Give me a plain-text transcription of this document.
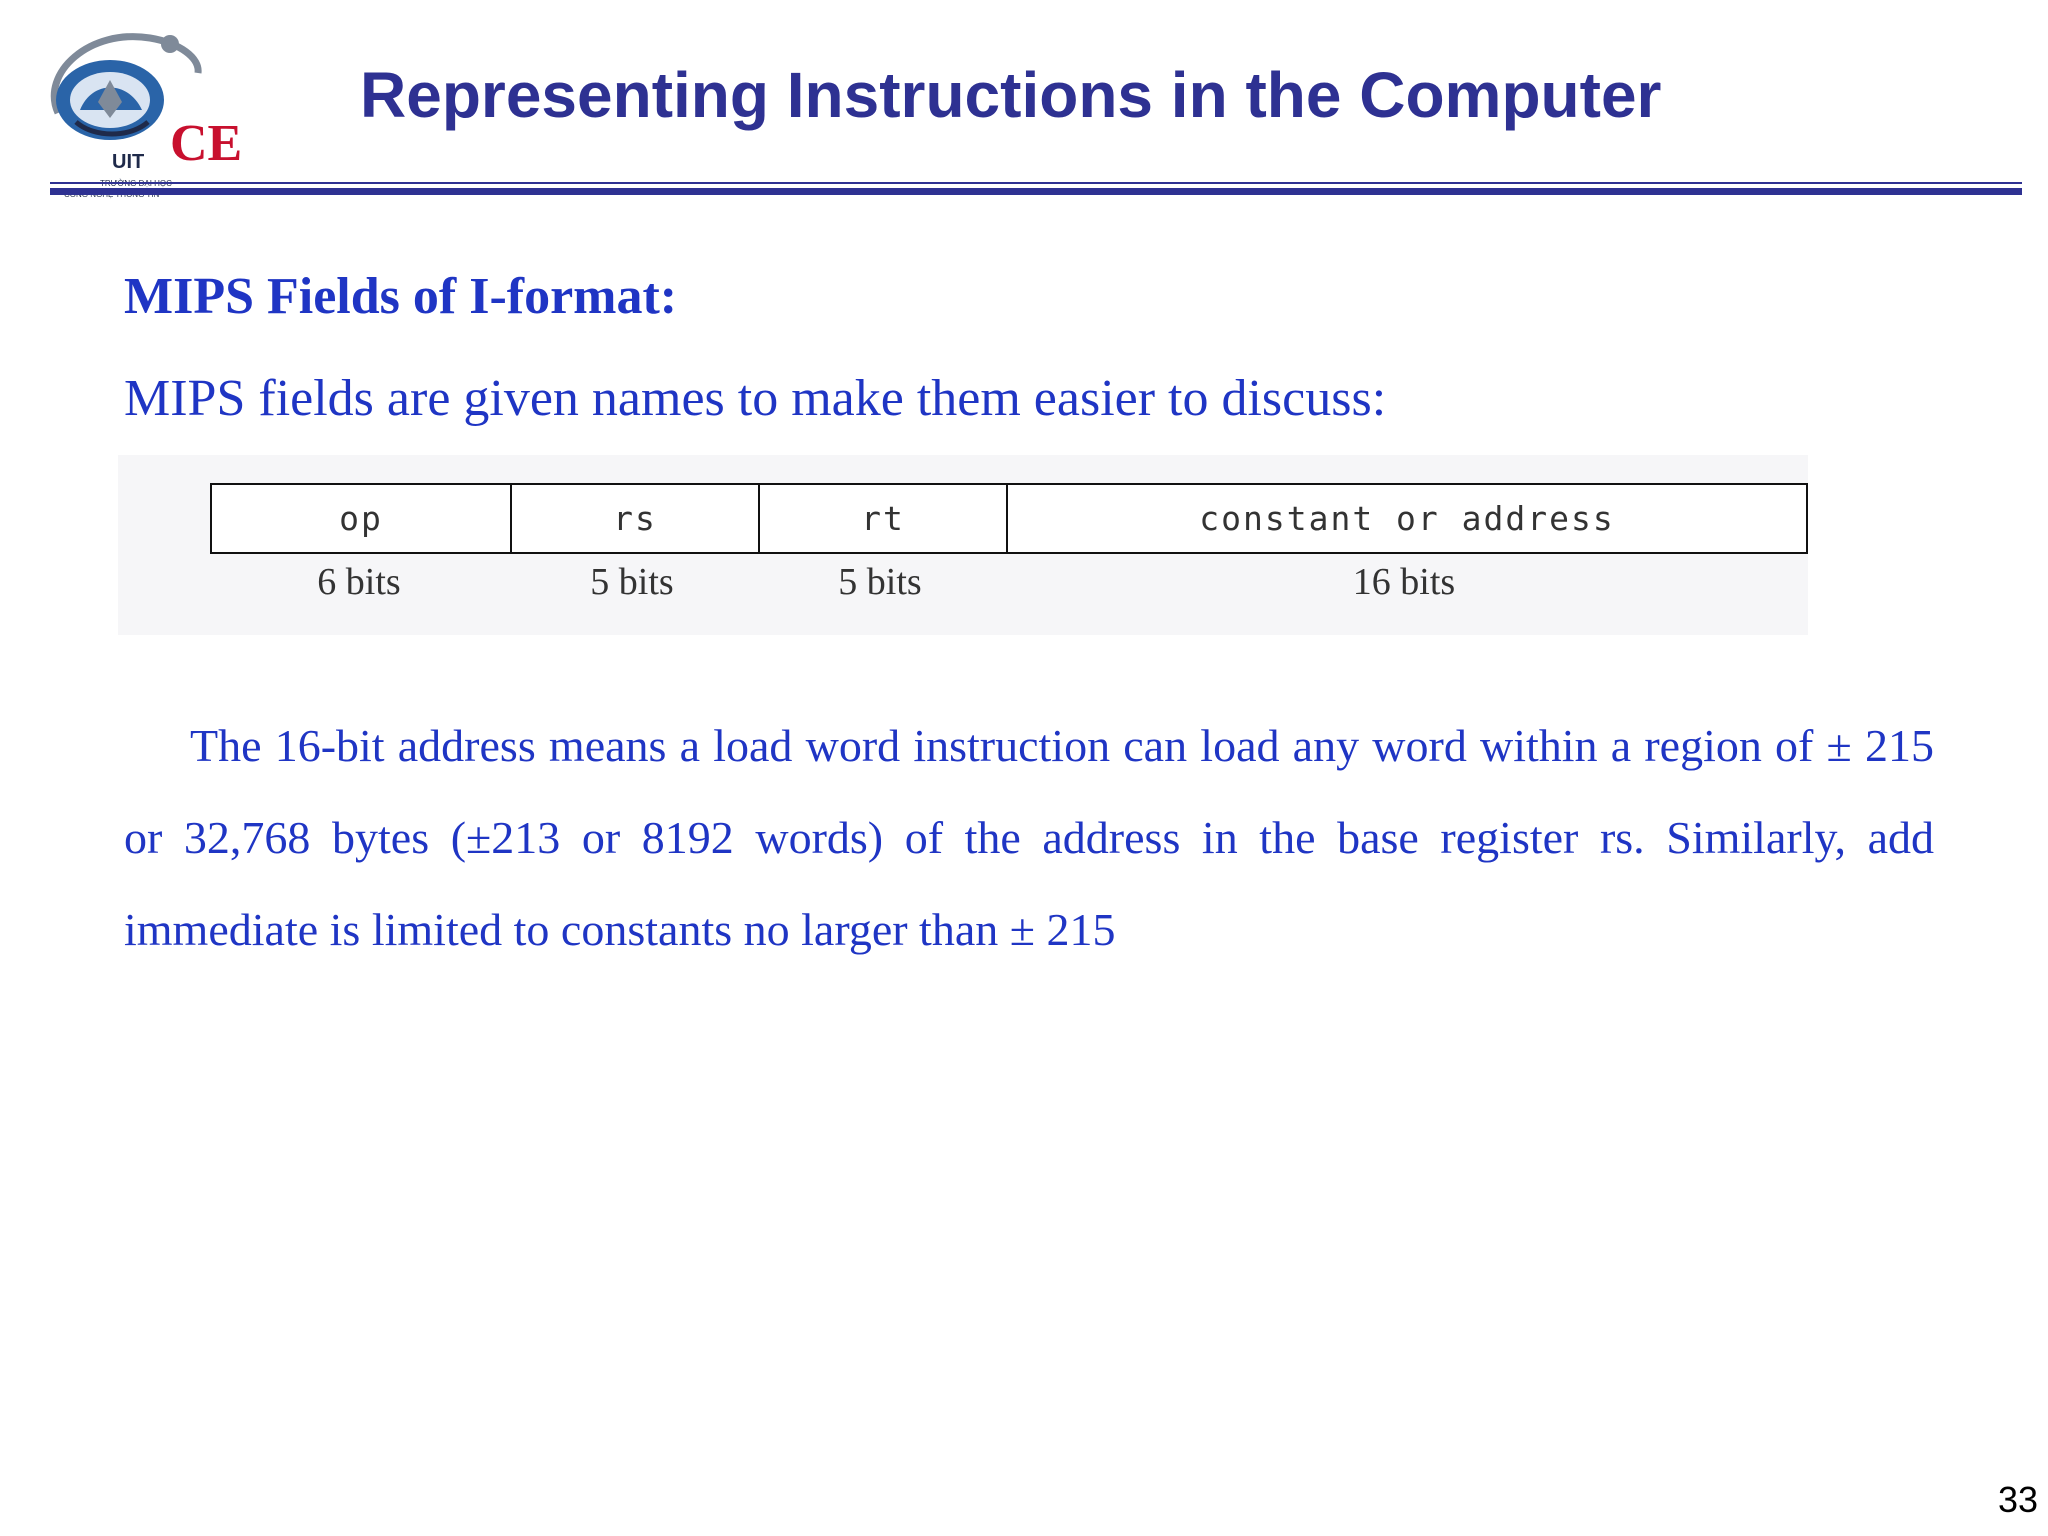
CE
UIT
Representing Instructions in the Computer
MIPS Fields of I-format:

MIPS fields are given names to make them easier to discuss:

op	rs	rt	constant or address
6 bits	5 bits	5 bits	16 bits

The 16-bit address means a load word instruction can load any word within a region of ± 215 or 32,768 bytes (±213 or 8192 words) of the address in the base register rs. Similarly, add immediate is limited to constants no larger than ± 215

33
